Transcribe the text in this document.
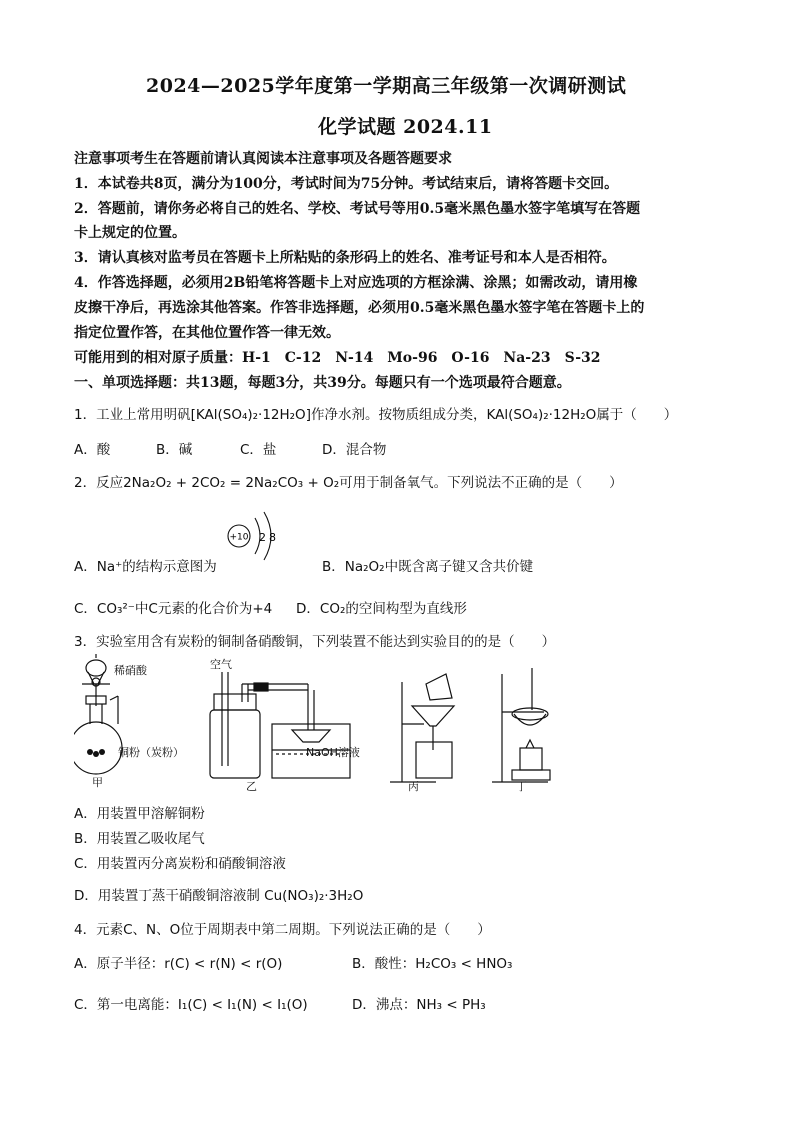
2024—2025学年度第一学期高三年级第一次调研测试
化学试题 2024.11
注意事项考生在答题前请认真阅读本注意事项及各题答题要求
1．本试卷共8页，满分为100分，考试时间为75分钟。考试结束后，请将答题卡交回。
2．答题前，请你务必将自己的姓名、学校、考试号等用0.5毫米黑色墨水签字笔填写在答题
卡上规定的位置。
3．请认真核对监考员在答题卡上所粘贴的条形码上的姓名、准考证号和本人是否相符。
4．作答选择题，必须用2B铅笔将答题卡上对应选项的方框涂满、涂黑；如需改动，请用橡
皮擦干净后，再选涂其他答案。作答非选择题，必须用0.5毫米黑色墨水签字笔在答题卡上的
指定位置作答，在其他位置作答一律无效。
可能用到的相对原子质量：H-1　C-12　N-14　Mo-96　O-16　Na-23　S-32
一、单项选择题：共13题，每题3分，共39分。每题只有一个选项最符合题意。
1．工业上常用明矾[KAl(SO₄)₂·12H₂O]作净水剂。按物质组成分类，KAl(SO₄)₂·12H₂O属于（　　）
A．酸	B．碱	C．盐	D．混合物
2．反应2Na₂O₂ + 2CO₂ = 2Na₂CO₃ + O₂可用于制备氧气。下列说法不正确的是（　　）
+10 2 8
A．Na⁺的结构示意图为	B．Na₂O₂中既含离子键又含共价键
C．CO₃²⁻中C元素的化合价为+4 D．CO₂的空间构型为直线形
3．实验室用含有炭粉的铜制备硝酸铜，下列装置不能达到实验目的的是（　　）
稀硝酸
铜粉（炭粉）
空气
NaOH溶液
甲	乙	丙	丁
A．用装置甲溶解铜粉
B．用装置乙吸收尾气
C．用装置丙分离炭粉和硝酸铜溶液
D．用装置丁蒸干硝酸铜溶液制 Cu(NO₃)₂·3H₂O
4．元素C、N、O位于周期表中第二周期。下列说法正确的是（　　）
A．原子半径：r(C) < r(N) < r(O)	B．酸性：H₂CO₃ < HNO₃
C．第一电离能：I₁(C) < I₁(N) < I₁(O)	D．沸点：NH₃ < PH₃
